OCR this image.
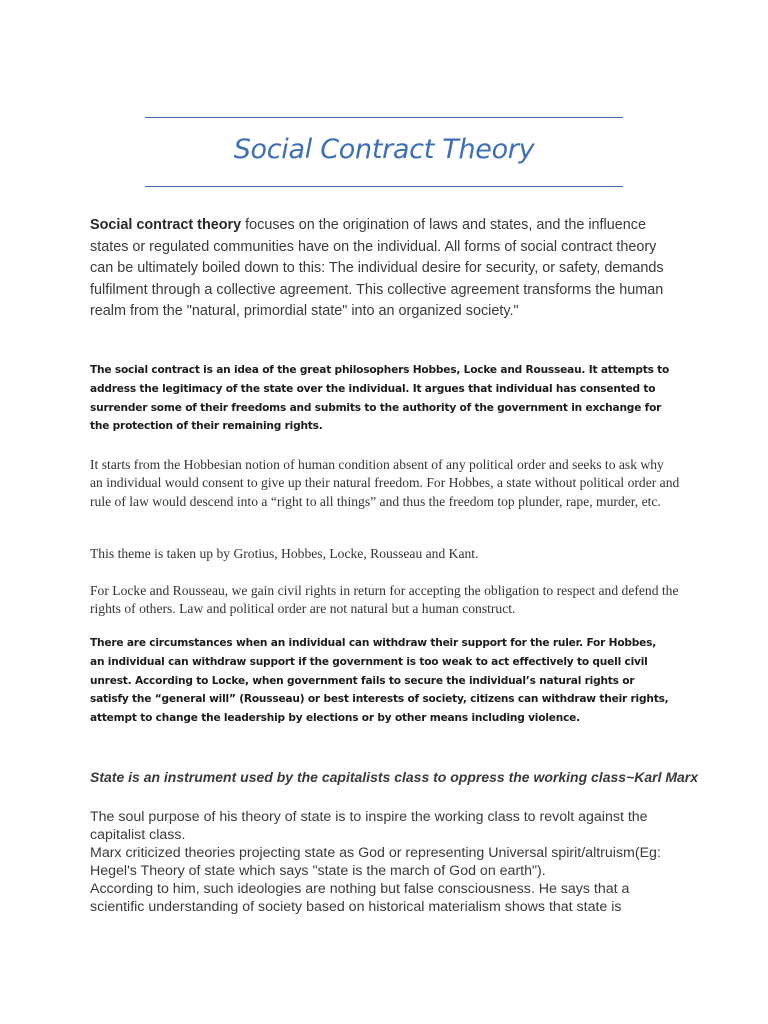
Social Contract Theory

Social contract theory focuses on the origination of laws and states, and the influence states or regulated communities have on the individual. All forms of social contract theory can be ultimately boiled down to this: The individual desire for security, or safety, demands fulfilment through a collective agreement. This collective agreement transforms the human realm from the "natural, primordial state" into an organized society."

The social contract is an idea of the great philosophers Hobbes, Locke and Rousseau. It attempts to address the legitimacy of the state over the individual. It argues that individual has consented to surrender some of their freedoms and submits to the authority of the government in exchange for the protection of their remaining rights.

It starts from the Hobbesian notion of human condition absent of any political order and seeks to ask why an individual would consent to give up their natural freedom. For Hobbes, a state without political order and rule of law would descend into a “right to all things” and thus the freedom top plunder, rape, murder, etc.

This theme is taken up by Grotius, Hobbes, Locke, Rousseau and Kant.

For Locke and Rousseau, we gain civil rights in return for accepting the obligation to respect and defend the rights of others. Law and political order are not natural but a human construct.

There are circumstances when an individual can withdraw their support for the ruler. For Hobbes, an individual can withdraw support if the government is too weak to act effectively to quell civil unrest. According to Locke, when government fails to secure the individual’s natural rights or satisfy the “general will” (Rousseau) or best interests of society, citizens can withdraw their rights, attempt to change the leadership by elections or by other means including violence.

State is an instrument used by the capitalists class to oppress the working class~Karl Marx

The soul purpose of his theory of state is to inspire the working class to revolt against the
capitalist class.
Marx criticized theories projecting state as God or representing Universal spirit/altruism(Eg:
Hegel's Theory of state which says "state is the march of God on earth").
According to him, such ideologies are nothing but false consciousness. He says that a
scientific understanding of society based on historical materialism shows that state is
